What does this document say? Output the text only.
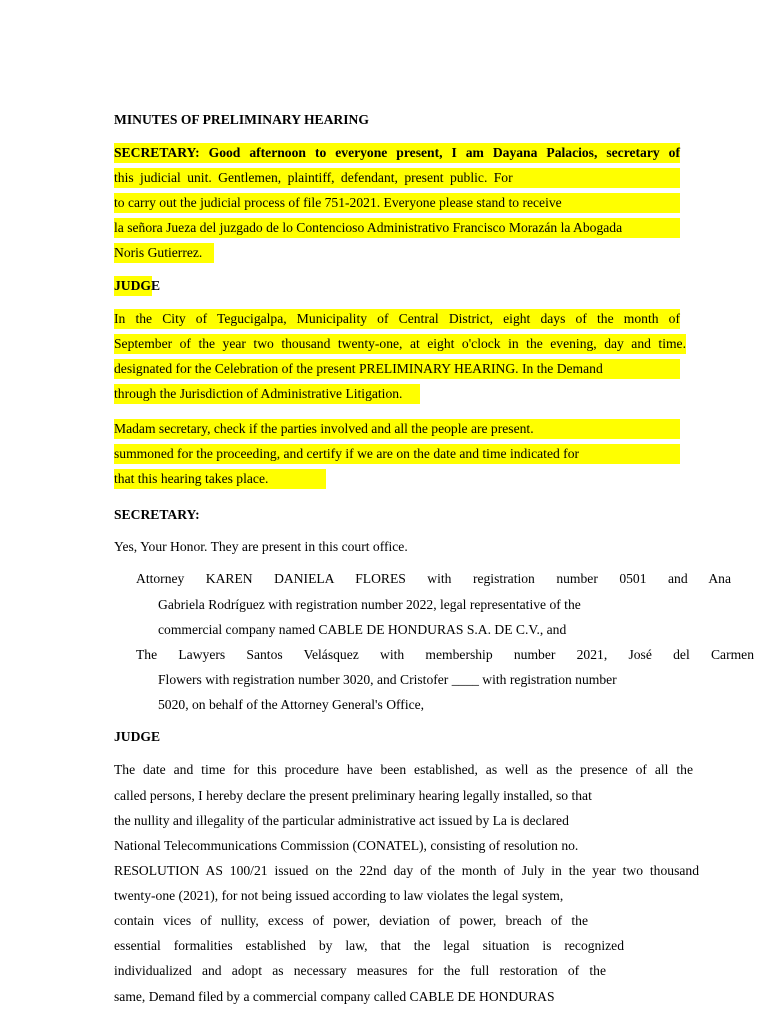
MINUTES OF PRELIMINARY HEARING
SECRETARY: Good afternoon to everyone present, I am Dayana Palacios, secretary of
this judicial unit. Gentlemen, plaintiff, defendant, present public. For
to carry out the judicial process of file 751-2021. Everyone please stand to receive
la señora Jueza del juzgado de lo Contencioso Administrativo Francisco Morazán la Abogada
Noris Gutierrez.
JUDGE
In the City of Tegucigalpa, Municipality of Central District, eight days of the month of
September of the year two thousand twenty-one, at eight o'clock in the evening, day and time.
designated for the Celebration of the present PRELIMINARY HEARING. In the Demand
through the Jurisdiction of Administrative Litigation.
Madam secretary, check if the parties involved and all the people are present.
summoned for the proceeding, and certify if we are on the date and time indicated for
that this hearing takes place.
SECRETARY:
Yes, Your Honor. They are present in this court office.
Attorney KAREN DANIELA FLORES with registration number 0501 and Ana
Gabriela Rodríguez with registration number 2022, legal representative of the
commercial company named CABLE DE HONDURAS S.A. DE C.V., and
The Lawyers Santos Velásquez with membership number 2021, José del Carmen
Flowers with registration number 3020, and Cristofer ____ with registration number
5020, on behalf of the Attorney General's Office,
JUDGE
The date and time for this procedure have been established, as well as the presence of all the
called persons, I hereby declare the present preliminary hearing legally installed, so that
the nullity and illegality of the particular administrative act issued by La is declared
National Telecommunications Commission (CONATEL), consisting of resolution no.
RESOLUTION AS 100/21 issued on the 22nd day of the month of July in the year two thousand
twenty-one (2021), for not being issued according to law violates the legal system,
contain vices of nullity, excess of power, deviation of power, breach of the
essential formalities established by law, that the legal situation is recognized
individualized and adopt as necessary measures for the full restoration of the
same, Demand filed by a commercial company called CABLE DE HONDURAS
